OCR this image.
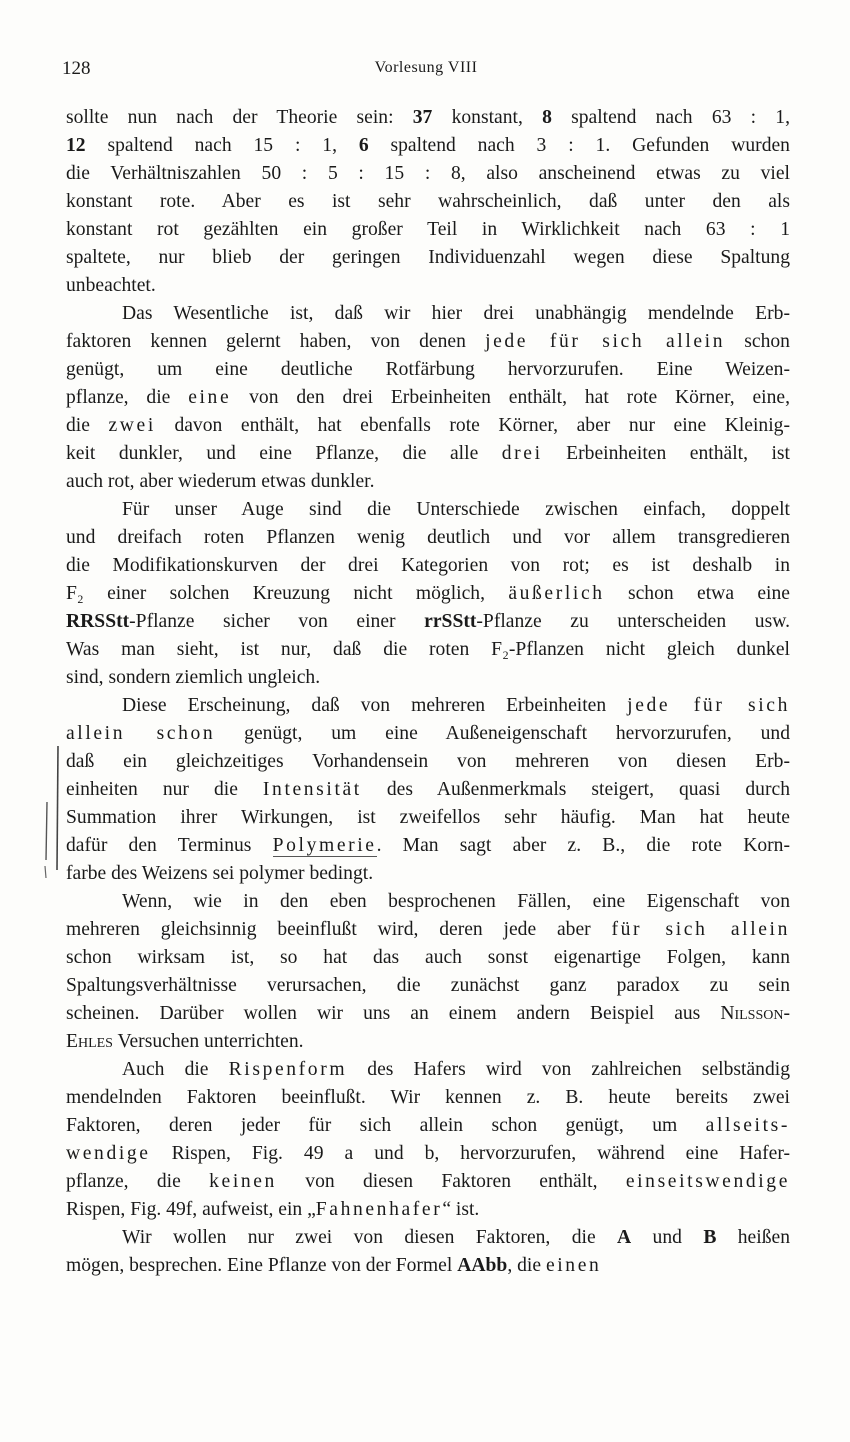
128	Vorlesung VIII
sollte nun nach der Theorie sein: 37 konstant, 8 spaltend nach 63 : 1,
12 spaltend nach 15 : 1, 6 spaltend nach 3 : 1. Gefunden wurden
die Verhältniszahlen 50 : 5 : 15 : 8, also anscheinend etwas zu viel
konstant rote. Aber es ist sehr wahrscheinlich, daß unter den als
konstant rot gezählten ein großer Teil in Wirklichkeit nach 63 : 1
spaltete, nur blieb der geringen Individuenzahl wegen diese Spaltung
unbeachtet.
Das Wesentliche ist, daß wir hier drei unabhängig mendelnde Erb-
faktoren kennen gelernt haben, von denen jede für sich allein schon
genügt, um eine deutliche Rotfärbung hervorzurufen. Eine Weizen-
pflanze, die eine von den drei Erbeinheiten enthält, hat rote Körner, eine,
die zwei davon enthält, hat ebenfalls rote Körner, aber nur eine Kleinig-
keit dunkler, und eine Pflanze, die alle drei Erbeinheiten enthält, ist
auch rot, aber wiederum etwas dunkler.
Für unser Auge sind die Unterschiede zwischen einfach, doppelt
und dreifach roten Pflanzen wenig deutlich und vor allem transgredieren
die Modifikationskurven der drei Kategorien von rot; es ist deshalb in
F₂ einer solchen Kreuzung nicht möglich, äußerlich schon etwa eine
RRSStt-Pflanze sicher von einer rrSStt-Pflanze zu unterscheiden usw.
Was man sieht, ist nur, daß die roten F₂-Pflanzen nicht gleich dunkel
sind, sondern ziemlich ungleich.
Diese Erscheinung, daß von mehreren Erbeinheiten jede für sich
allein schon genügt, um eine Außeneigenschaft hervorzurufen, und
daß ein gleichzeitiges Vorhandensein von mehreren von diesen Erb-
einheiten nur die Intensität des Außenmerkmals steigert, quasi durch
Summation ihrer Wirkungen, ist zweifellos sehr häufig. Man hat heute
dafür den Terminus Polymerie. Man sagt aber z. B., die rote Korn-
farbe des Weizens sei polymer bedingt.
Wenn, wie in den eben besprochenen Fällen, eine Eigenschaft von
mehreren gleichsinnig beeinflußt wird, deren jede aber für sich allein
schon wirksam ist, so hat das auch sonst eigenartige Folgen, kann
Spaltungsverhältnisse verursachen, die zunächst ganz paradox zu sein
scheinen. Darüber wollen wir uns an einem andern Beispiel aus Nilsson-
Ehles Versuchen unterrichten.
Auch die Rispenform des Hafers wird von zahlreichen selbständig
mendelnden Faktoren beeinflußt. Wir kennen z. B. heute bereits zwei
Faktoren, deren jeder für sich allein schon genügt, um allseits-
wendige Rispen, Fig. 49 a und b, hervorzurufen, während eine Hafer-
pflanze, die keinen von diesen Faktoren enthält, einseitswendige
Rispen, Fig. 49f, aufweist, ein „Fahnenhafer“ ist.
Wir wollen nur zwei von diesen Faktoren, die A und B heißen
mögen, besprechen. Eine Pflanze von der Formel AAbb, die einen
